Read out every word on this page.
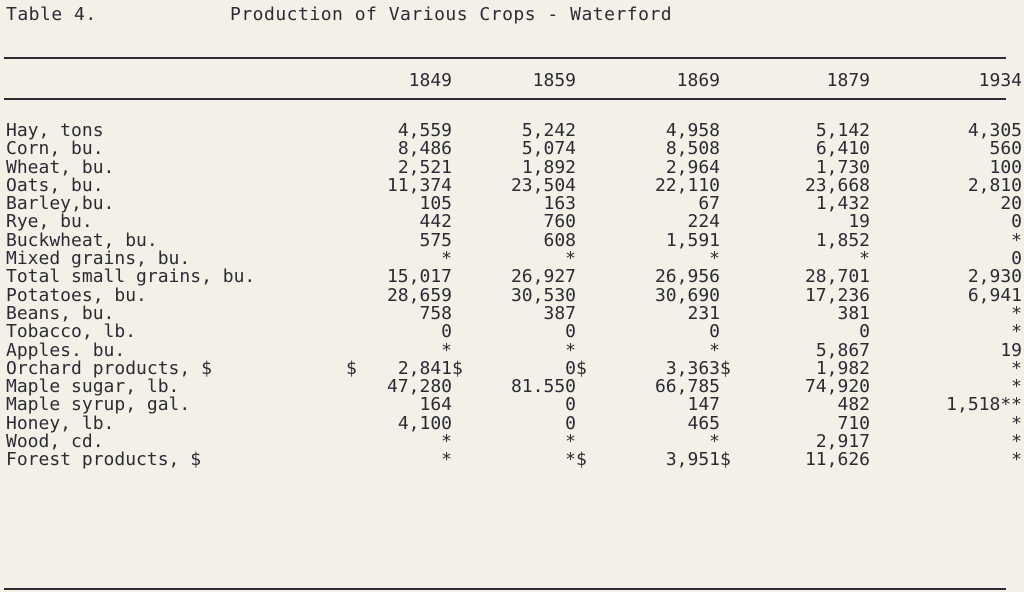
Table 4.	Production of Various Crops - Waterford
		1849		1859		1869		1879		1934

Hay, tons		4,559		5,242		4,958		5,142		4,305
Corn, bu.		8,486		5,074		8,508		6,410		560
Wheat, bu.		2,521		1,892		2,964		1,730		100
Oats, bu.		11,374		23,504		22,110		23,668		2,810
Barley,bu.		105		163		67		1,432		20
Rye, bu.		442		760		224		19		0
Buckwheat, bu.		575		608		1,591		1,852		*
Mixed grains, bu.		*		*		*		*		0
Total small grains, bu.		15,017		26,927		26,956		28,701		2,930
Potatoes, bu.		28,659		30,530		30,690		17,236		6,941
Beans, bu.		758		387		231		381		*
Tobacco, lb.		0		0		0		0		*
Apples. bu.		*		*		*		5,867		19
Orchard products, $	$	2,841	$	0	$	3,363	$	1,982		*
Maple sugar, lb.		47,280		81.550		66,785		74,920		*
Maple syrup, gal.		164		0		147		482		1,518**
Honey, lb.		4,100		0		465		710		*
Wood, cd.		*		*		*		2,917		*
Forest products, $		*		*	$	3,951	$	11,626		*
